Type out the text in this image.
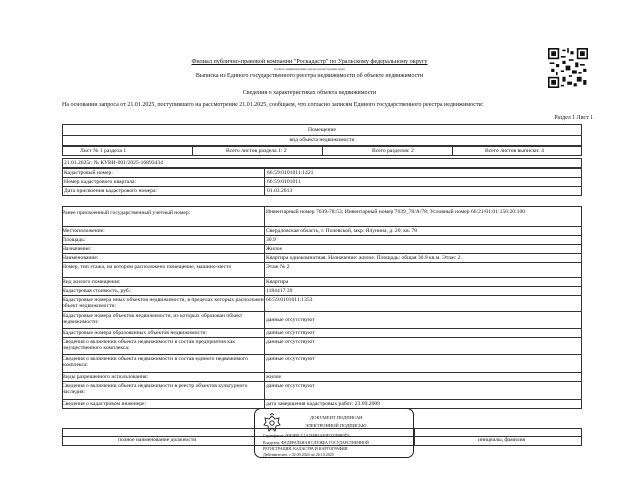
Филиал публично-правовой компании "Роскадастр" по Уральскому федеральному округу
полное наименование органа регистрации прав
Выписка из Единого государственного реестра недвижимости об объекте недвижимости
Сведения о характеристиках объекта недвижимости
На основании запроса от 21.01.2025, поступившего на рассмотрение 21.01.2025, сообщаем, что согласно записям Единого государственного реестра недвижимости:
Раздел 1 Лист 1
Помещение
вид объекта недвижимости
Лист № 1 раздела 1	Всего листов раздела 1: 2	Всего разделов: 2	Всего листов выписки: 4
21.01.2025г. № КУВИ-001/2025-16893434
Кадастровый номер:	66:59:0101011:1421
Номер кадастрового квартала:	66:59:0101011
Дата присвоения кадастрового номера:	01.03.2013
Ранее присвоенный государственный учетный номер:	Инвентарный номер 7639-78:53; Инвентарный номер 7639_78/А/78; Условный номер 66:21/01:01:156:20:100
Местоположение:	Свердловская область, г. Полевской, мкр. Ялунина, д. 20, кв. 78
Площадь:	30.9
Назначение:	Жилое
Наименование:	Квартира однокомнатная. Назначение: жилое. Площадь: общая 30.9 кв.м. Этаж: 2.
Номер, тип этажа, на котором расположено помещение, машино-место	Этаж № 2
Вид жилого помещения:	Квартира
Кадастровая стоимость, руб.:	1184417.39
Кадастровые номера иных объектов недвижимости, в пределах которых расположен объект недвижимости:
66:59:0101011:1353
Кадастровые номера объектов недвижимости, из которых образован объект недвижимости:	данные отсутствуют
Кадастровые номера образованных объектов недвижимости:	данные отсутствуют
Сведения о включении объекта недвижимости в состав предприятия как имущественного комплекса:
данные отсутствуют
Сведения о включении объекта недвижимости в состав единого недвижимого комплекса:
данные отсутствуют
Виды разрешенного использования:	жилое
Сведения о включении объекта недвижимости в реестр объектов культурного наследия:
данные отсутствуют
Сведения о кадастровом инженере:	дата завершения кадастровых работ: 23.09.2009
полное наименование должности	инициалы, фамилия
ДОКУМЕНТ ПОДПИСАН
ЭЛЕКТРОННОЙ ПОДПИСЬЮ
Сертификат: 00F4E8CC1A1E6B4AF0F1D2F9B9D3
Владелец: ФЕДЕРАЛЬНАЯ СЛУЖБА ГОСУДАРСТВЕННОЙ
РЕГИСТРАЦИИ, КАДАСТРА И КАРТОГРАФИИ
Действителен: с 02.09.2024 по 26.10.2025
